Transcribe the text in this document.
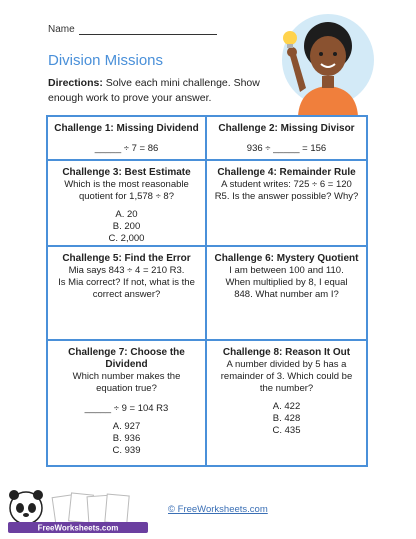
Name
Division Missions
Directions: Solve each mini challenge. Show enough work to prove your answer.
Challenge 1: Missing Dividend
_____ ÷ 7 = 86
Challenge 2: Missing Divisor
936 ÷ _____ = 156
Challenge 3: Best Estimate
Which is the most reasonable
quotient for 1,578 ÷ 8?
A. 20
B. 200
C. 2,000
Challenge 4: Remainder Rule
A student writes: 725 ÷ 6 = 120
R5. Is the answer possible? Why?
Challenge 5: Find the Error
Mia says 843 ÷ 4 = 210 R3.
Is Mia correct? If not, what is the
correct answer?
Challenge 6: Mystery Quotient
I am between 100 and 110.
When multiplied by 8, I equal
848. What number am I?
Challenge 7: Choose the Dividend
Which number makes the
equation true?
_____ ÷ 9 = 104 R3
A. 927
B. 936
C. 939
Challenge 8: Reason It Out
A number divided by 5 has a
remainder of 3. Which could be
the number?
A. 422
B. 428
C. 435
FreeWorksheets.com
© FreeWorksheets.com
